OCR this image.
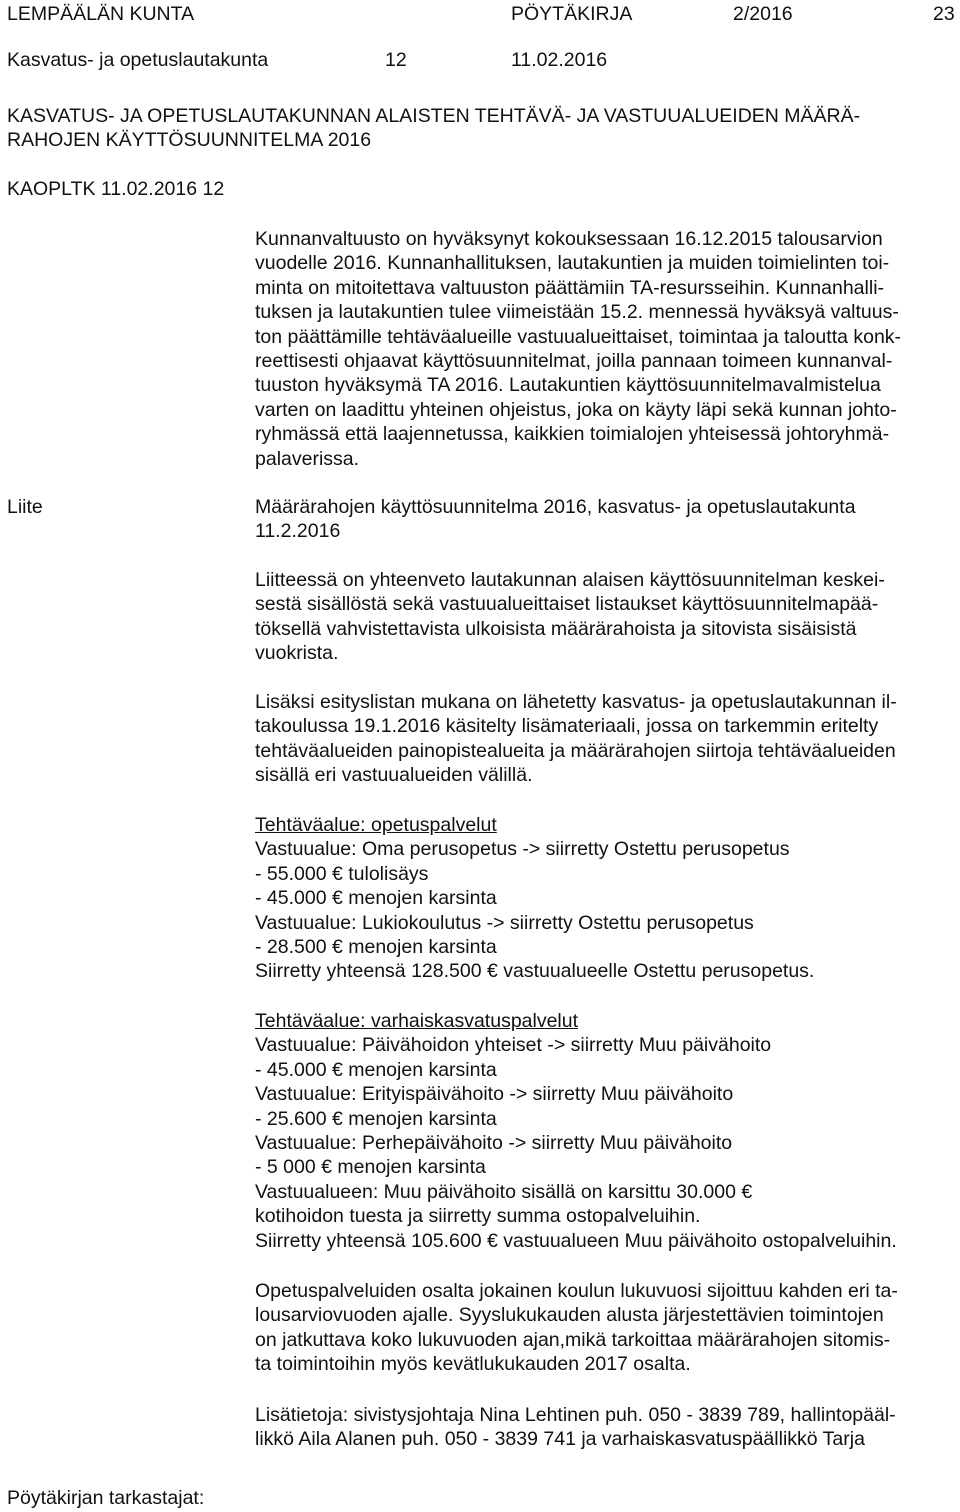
LEMPÄÄLÄN KUNTA	PÖYTÄKIRJA	2/2016	23
Kasvatus- ja opetuslautakunta	12	11.02.2016
KASVATUS- JA OPETUSLAUTAKUNNAN ALAISTEN TEHTÄVÄ- JA VASTUUALUEIDEN MÄÄRÄ-
RAHOJEN KÄYTTÖSUUNNITELMA 2016
KAOPLTK 11.02.2016 12
Kunnanvaltuusto on hyväksynyt kokouksessaan 16.12.2015 talousarvion
vuodelle 2016. Kunnanhallituksen, lautakuntien ja muiden toimielinten toi-
minta on mitoitettava valtuuston päättämiin TA-resursseihin. Kunnanhalli-
tuksen ja lautakuntien tulee viimeistään 15.2. mennessä hyväksyä valtuus-
ton päättämille tehtäväalueille vastuualueittaiset, toimintaa ja taloutta konk-
reettisesti ohjaavat käyttösuunnitelmat, joilla pannaan toimeen kunnanval-
tuuston hyväksymä TA 2016. Lautakuntien käyttösuunnitelmavalmistelua
varten on laadittu yhteinen ohjeistus, joka on käyty läpi sekä kunnan johto-
ryhmässä että laajennetussa, kaikkien toimialojen yhteisessä johtoryhmä-
palaverissa.
Liite	Määrärahojen käyttösuunnitelma 2016, kasvatus- ja opetuslautakunta
11.2.2016
Liitteessä on yhteenveto lautakunnan alaisen käyttösuunnitelman keskei-
sestä sisällöstä sekä vastuualueittaiset listaukset käyttösuunnitelmapää-
töksellä vahvistettavista ulkoisista määrärahoista ja sitovista sisäisistä
vuokrista.
Lisäksi esityslistan mukana on lähetetty kasvatus- ja opetuslautakunnan il-
takoulussa 19.1.2016 käsitelty lisämateriaali, jossa on tarkemmin eritelty
tehtäväalueiden painopistealueita ja määrärahojen siirtoja tehtäväalueiden
sisällä eri vastuualueiden välillä.
Tehtäväalue: opetuspalvelut
Vastuualue: Oma perusopetus -> siirretty Ostettu perusopetus
- 55.000 € tulolisäys
- 45.000 € menojen karsinta
Vastuualue: Lukiokoulutus -> siirretty Ostettu perusopetus
- 28.500 € menojen karsinta
Siirretty yhteensä 128.500 € vastuualueelle Ostettu perusopetus.
Tehtäväalue: varhaiskasvatuspalvelut
Vastuualue: Päivähoidon yhteiset -> siirretty Muu päivähoito
- 45.000 € menojen karsinta
Vastuualue: Erityispäivähoito -> siirretty Muu päivähoito
- 25.600 € menojen karsinta
Vastuualue: Perhepäivähoito -> siirretty Muu päivähoito
- 5 000 € menojen karsinta
Vastuualueen: Muu päivähoito sisällä on karsittu 30.000 €
kotihoidon tuesta ja siirretty summa ostopalveluihin.
Siirretty yhteensä 105.600 € vastuualueen Muu päivähoito ostopalveluihin.
Opetuspalveluiden osalta jokainen koulun lukuvuosi sijoittuu kahden eri ta-
lousarviovuoden ajalle. Syyslukukauden alusta järjestettävien toimintojen
on jatkuttava koko lukuvuoden ajan,mikä tarkoittaa määrärahojen sitomis-
ta toimintoihin myös kevätlukukauden 2017 osalta.
Lisätietoja: sivistysjohtaja Nina Lehtinen puh. 050 - 3839 789, hallintopääl-
likkö Aila Alanen puh. 050 - 3839 741 ja varhaiskasvatuspäällikkö Tarja
Pöytäkirjan tarkastajat:
